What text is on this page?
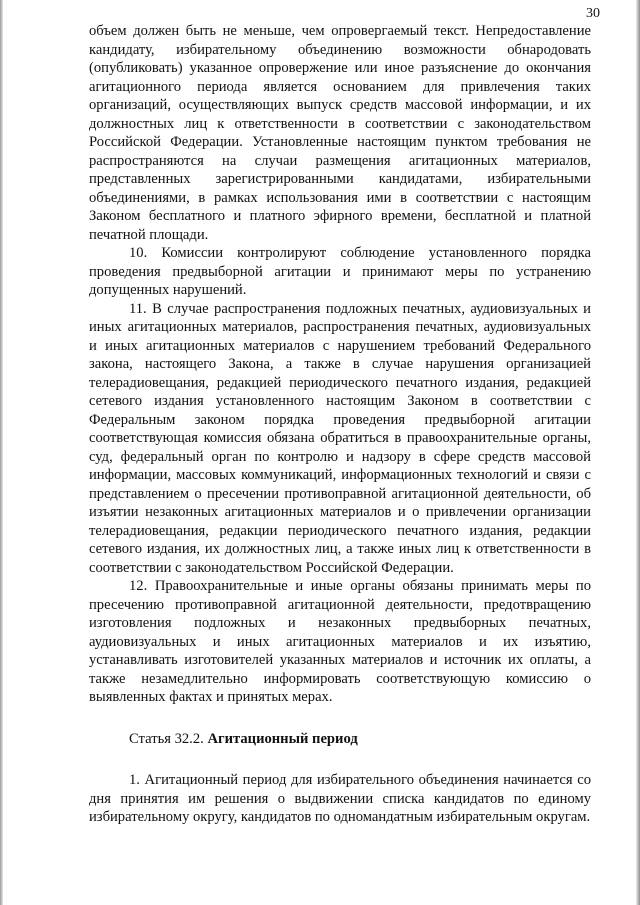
30

объем должен быть не меньше, чем опровергаемый текст. Непредоставление кандидату, избирательному объединению возможности обнародовать (опубликовать) указанное опровержение или иное разъяснение до окончания агитационного периода является основанием для привлечения таких организаций, осуществляющих выпуск средств массовой информации, и их должностных лиц к ответственности в соответствии с законодательством Российской Федерации. Установленные настоящим пунктом требования не распространяются на случаи размещения агитационных материалов, представленных зарегистрированными кандидатами, избирательными объединениями, в рамках использования ими в соответствии с настоящим Законом бесплатного и платного эфирного времени, бесплатной и платной печатной площади.

10. Комиссии контролируют соблюдение установленного порядка проведения предвыборной агитации и принимают меры по устранению допущенных нарушений.

11. В случае распространения подложных печатных, аудиовизуальных и иных агитационных материалов, распространения печатных, аудиовизуальных и иных агитационных материалов с нарушением требований Федерального закона, настоящего Закона, а также в случае нарушения организацией телерадиовещания, редакцией периодического печатного издания, редакцией сетевого издания установленного настоящим Законом в соответствии с Федеральным законом порядка проведения предвыборной агитации соответствующая комиссия обязана обратиться в правоохранительные органы, суд, федеральный орган по контролю и надзору в сфере средств массовой информации, массовых коммуникаций, информационных технологий и связи с представлением о пресечении противоправной агитационной деятельности, об изъятии незаконных агитационных материалов и о привлечении организации телерадиовещания, редакции периодического печатного издания, редакции сетевого издания, их должностных лиц, а также иных лиц к ответственности в соответствии с законодательством Российской Федерации.

12. Правоохранительные и иные органы обязаны принимать меры по пресечению противоправной агитационной деятельности, предотвращению изготовления подложных и незаконных предвыборных печатных, аудиовизуальных и иных агитационных материалов и их изъятию, устанавливать изготовителей указанных материалов и источник их оплаты, а также незамедлительно информировать соответствующую комиссию о выявленных фактах и принятых мерах.

Статья 32.2. Агитационный период

1. Агитационный период для избирательного объединения начинается со дня принятия им решения о выдвижении списка кандидатов по единому избирательному округу, кандидатов по одномандатным избирательным округам.
